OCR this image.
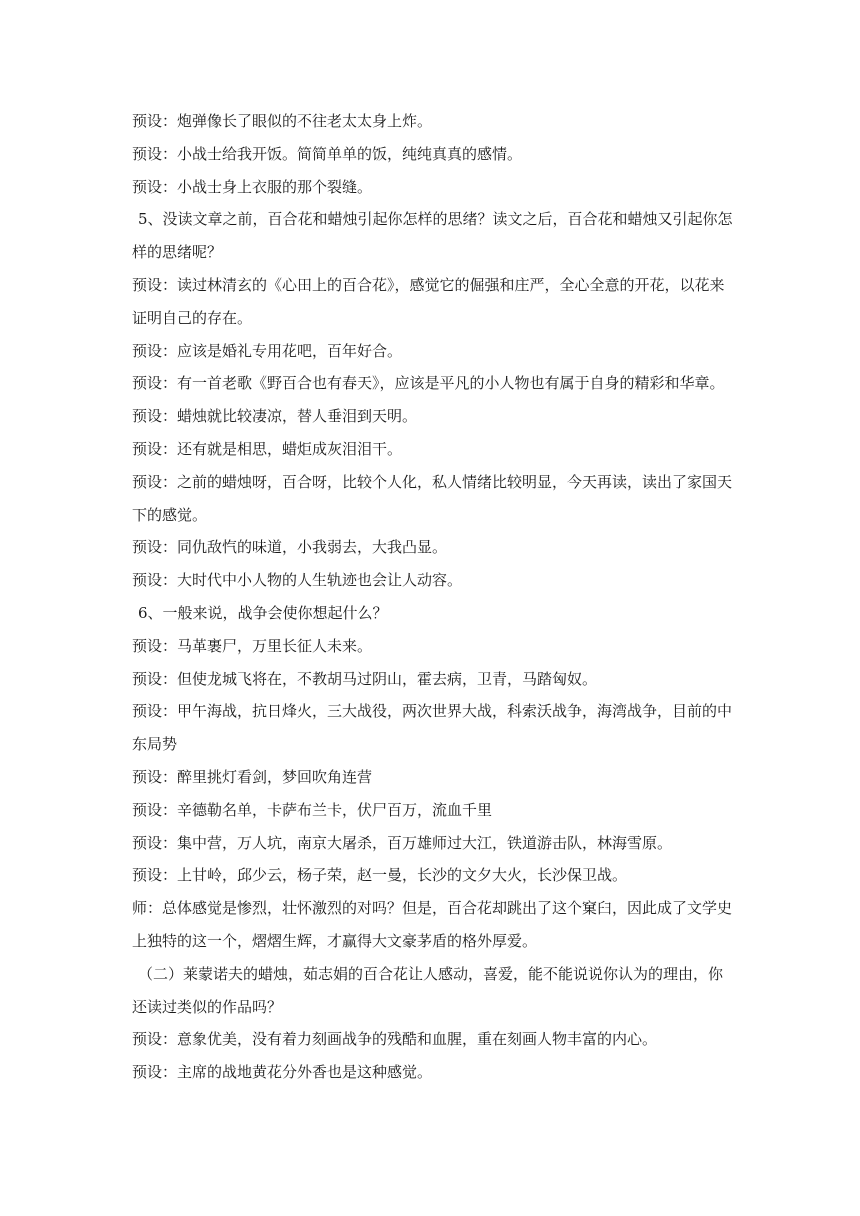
预设：炮弹像长了眼似的不往老太太身上炸。
预设：小战士给我开饭。简简单单的饭，纯纯真真的感情。
预设：小战士身上衣服的那个裂缝。
5、没读文章之前，百合花和蜡烛引起你怎样的思绪？读文之后，百合花和蜡烛又引起你怎
样的思绪呢？
预设：读过林清玄的《心田上的百合花》，感觉它的倔强和庄严，全心全意的开花，以花来
证明自己的存在。
预设：应该是婚礼专用花吧，百年好合。
预设：有一首老歌《野百合也有春天》，应该是平凡的小人物也有属于自身的精彩和华章。
预设：蜡烛就比较凄凉，替人垂泪到天明。
预设：还有就是相思，蜡炬成灰泪泪干。
预设：之前的蜡烛呀，百合呀，比较个人化，私人情绪比较明显，今天再读，读出了家国天
下的感觉。
预设：同仇敌忾的味道，小我弱去，大我凸显。
预设：大时代中小人物的人生轨迹也会让人动容。
6、一般来说，战争会使你想起什么？
预设：马革裹尸，万里长征人未来。
预设：但使龙城飞将在，不教胡马过阴山，霍去病，卫青，马踏匈奴。
预设：甲午海战，抗日烽火，三大战役，两次世界大战，科索沃战争，海湾战争，目前的中
东局势
预设：醉里挑灯看剑，梦回吹角连营
预设：辛德勒名单，卡萨布兰卡，伏尸百万，流血千里
预设：集中营，万人坑，南京大屠杀，百万雄师过大江，铁道游击队，林海雪原。
预设：上甘岭，邱少云，杨子荣，赵一曼，长沙的文夕大火，长沙保卫战。
师：总体感觉是惨烈，壮怀激烈的对吗？但是，百合花却跳出了这个窠臼，因此成了文学史
上独特的这一个，熠熠生辉，才赢得大文豪茅盾的格外厚爱。
（二）莱蒙诺夫的蜡烛，茹志娟的百合花让人感动，喜爱，能不能说说你认为的理由，你
还读过类似的作品吗？
预设：意象优美，没有着力刻画战争的残酷和血腥，重在刻画人物丰富的内心。
预设：主席的战地黄花分外香也是这种感觉。
